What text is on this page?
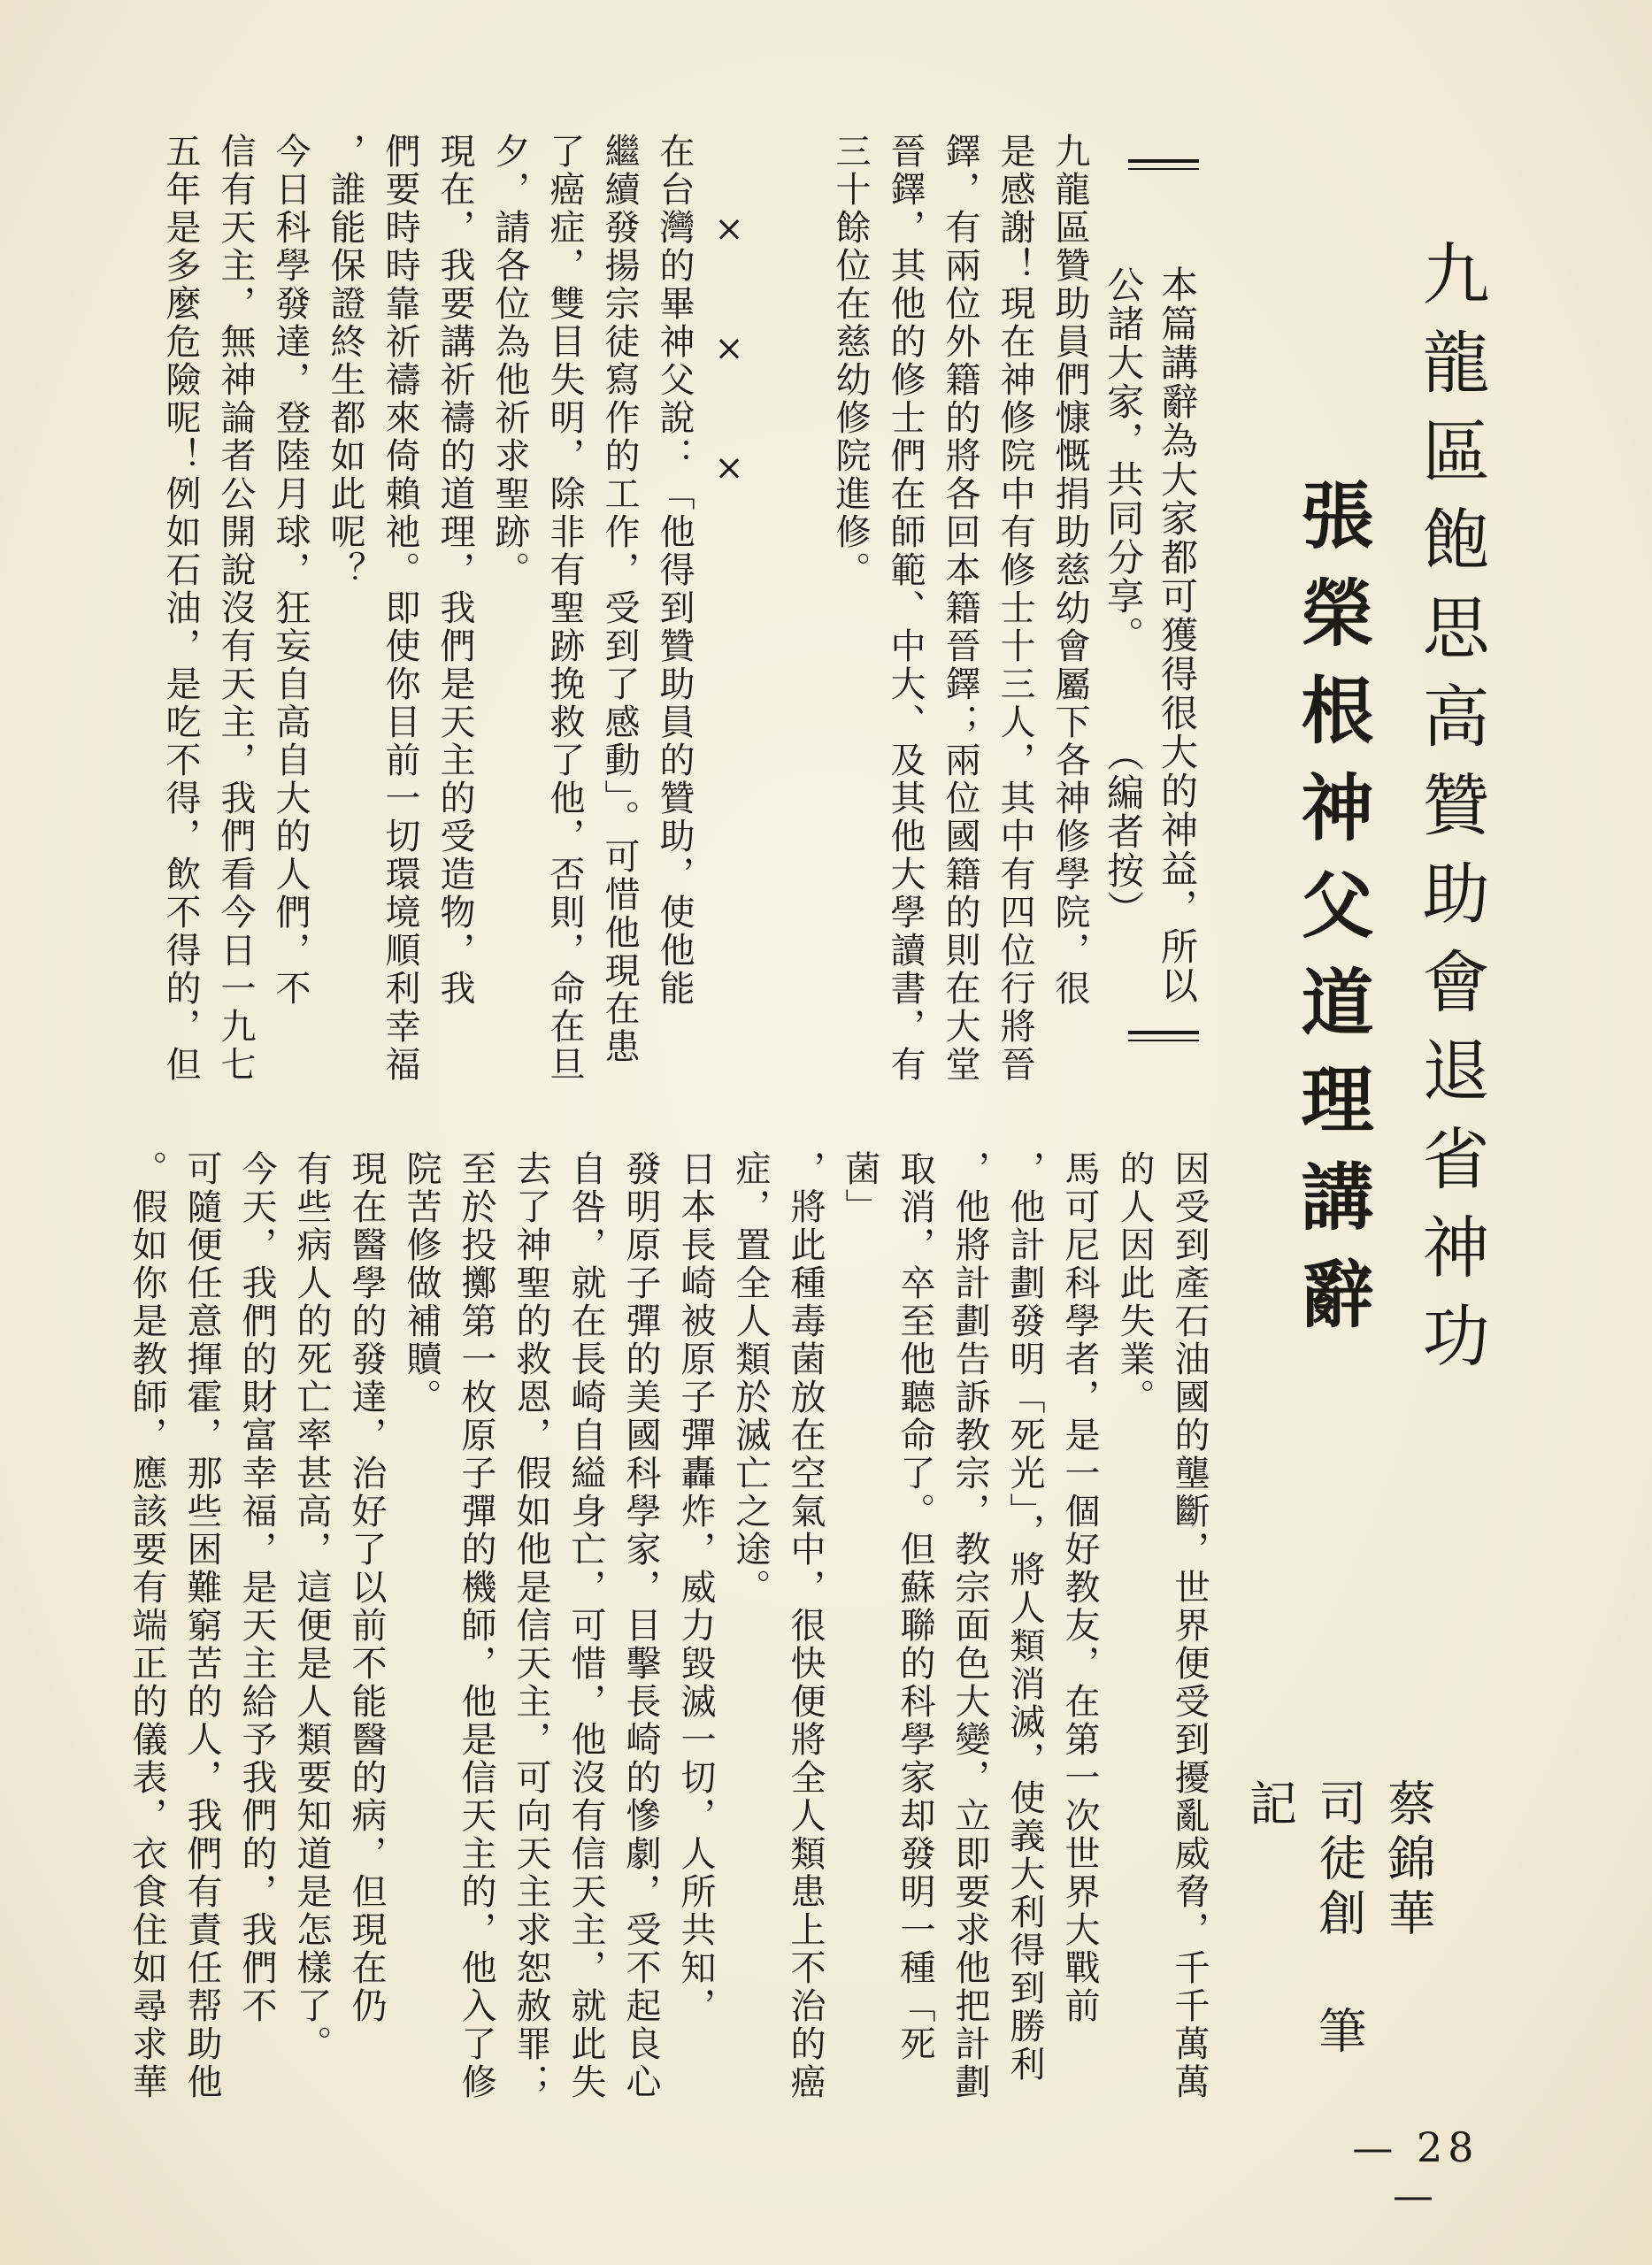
九龍區飽思高贊助會退省神功
張榮根神父道理講辭
蔡錦華
司徒創 筆記
本篇講辭為大家都可獲得很大的神益，所以
公諸大家，共同分享。　　　（編者按）
九龍區贊助員們慷慨捐助慈幼會屬下各神修學院，很
是感謝！現在神修院中有修士十三人，其中有四位行將晉
鐸，有兩位外籍的將各回本籍晉鐸；兩位國籍的則在大堂
晉鐸，其他的修士們在師範、中大、及其他大學讀書，有
三十餘位在慈幼修院進修。
　　×　　×　　×
在台灣的畢神父說：「他得到贊助員的贊助，使他能
繼續發揚宗徒寫作的工作，受到了感動」。可惜他現在患
了癌症，雙目失明，除非有聖跡挽救了他，否則，命在旦
夕，請各位為他祈求聖跡。
現在，我要講祈禱的道理，我們是天主的受造物，我
們要時時靠祈禱來倚賴祂。即使你目前一切環境順利幸福
，誰能保證終生都如此呢？
今日科學發達，登陸月球，狂妄自高自大的人們，不
信有天主，無神論者公開說沒有天主，我們看今日一九七
五年是多麼危險呢！例如石油，是吃不得，飲不得的，但
因受到產石油國的壟斷，世界便受到擾亂威脅，千千萬萬
的人因此失業。
馬可尼科學者，是一個好教友，在第一次世界大戰前
，他計劃發明「死光」，將人類消滅，使義大利得到勝利
，他將計劃告訴教宗，教宗面色大變，立即要求他把計劃
取消，卒至他聽命了。但蘇聯的科學家却發明一種「死菌」
，將此種毒菌放在空氣中，很快便將全人類患上不治的癌
症，置全人類於滅亡之途。
日本長崎被原子彈轟炸，威力毀滅一切，人所共知，
發明原子彈的美國科學家，目擊長崎的慘劇，受不起良心
自咎，就在長崎自縊身亡，可惜，他沒有信天主，就此失
去了神聖的救恩，假如他是信天主，可向天主求恕赦罪；
至於投擲第一枚原子彈的機師，他是信天主的，他入了修
院苦修做補贖。
現在醫學的發達，治好了以前不能醫的病，但現在仍
有些病人的死亡率甚高，這便是人類要知道是怎樣了。
今天，我們的財富幸福，是天主給予我們的，我們不
可隨便任意揮霍，那些困難窮苦的人，我們有責任帮助他
。假如你是教師，應該要有端正的儀表，衣食住如尋求華
— 28 —
